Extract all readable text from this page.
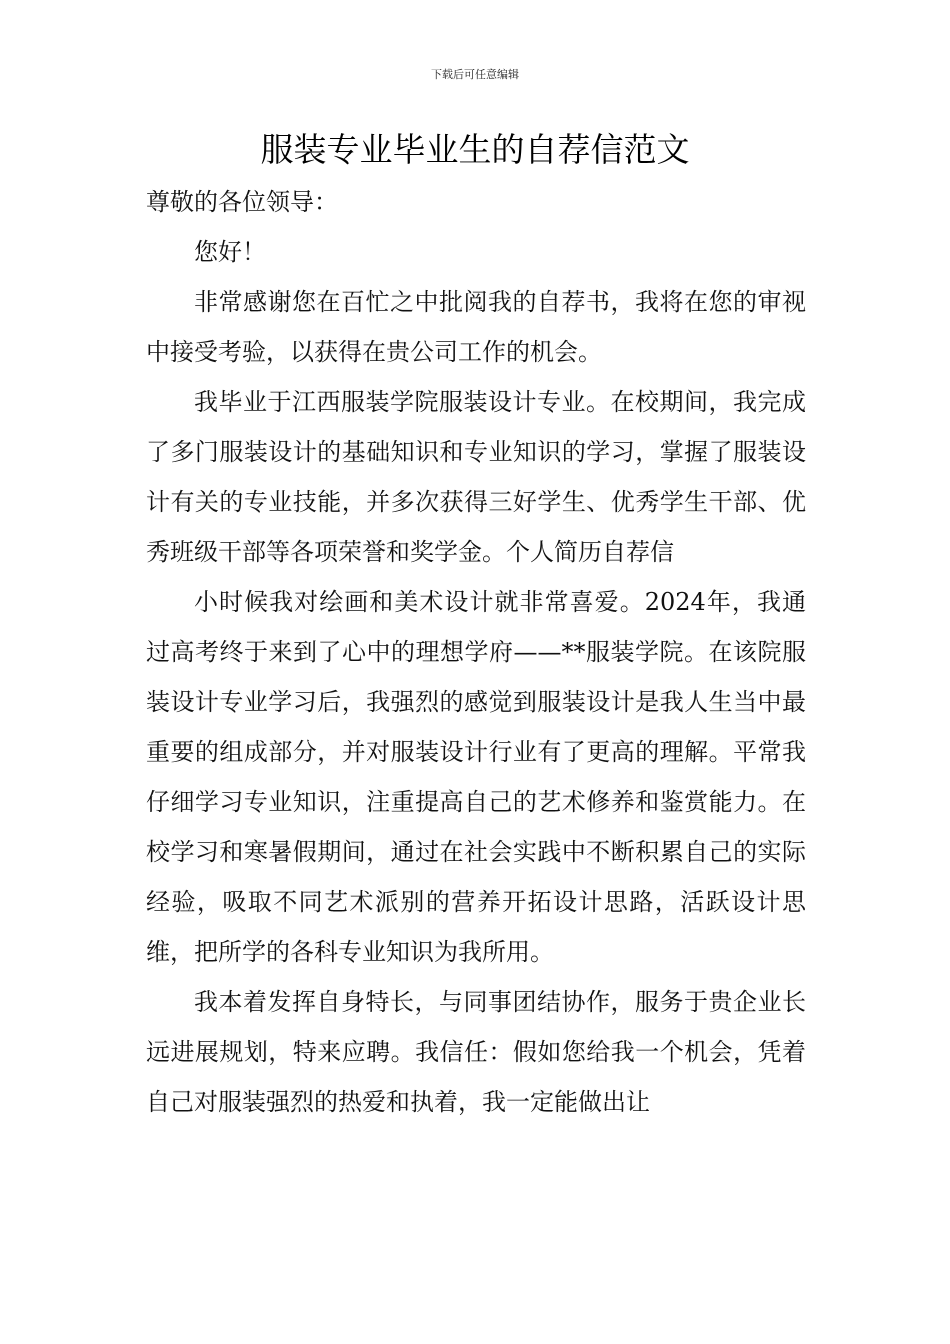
下载后可任意编辑
服装专业毕业生的自荐信范文

尊敬的各位领导：

您好！

非常感谢您在百忙之中批阅我的自荐书，我将在您的审视中接受考验，以获得在贵公司工作的机会。

我毕业于江西服装学院服装设计专业。在校期间，我完成了多门服装设计的基础知识和专业知识的学习，掌握了服装设计有关的专业技能，并多次获得三好学生、优秀学生干部、优秀班级干部等各项荣誉和奖学金。个人简历自荐信

小时候我对绘画和美术设计就非常喜爱。2024年，我通过高考终于来到了心中的理想学府——**服装学院。在该院服装设计专业学习后，我强烈的感觉到服装设计是我人生当中最重要的组成部分，并对服装设计行业有了更高的理解。平常我仔细学习专业知识，注重提高自己的艺术修养和鉴赏能力。在校学习和寒暑假期间，通过在社会实践中不断积累自己的实际经验，吸取不同艺术派别的营养开拓设计思路，活跃设计思维，把所学的各科专业知识为我所用。

我本着发挥自身特长，与同事团结协作，服务于贵企业长远进展规划，特来应聘。我信任：假如您给我一个机会，凭着自己对服装强烈的热爱和执着，我一定能做出让
